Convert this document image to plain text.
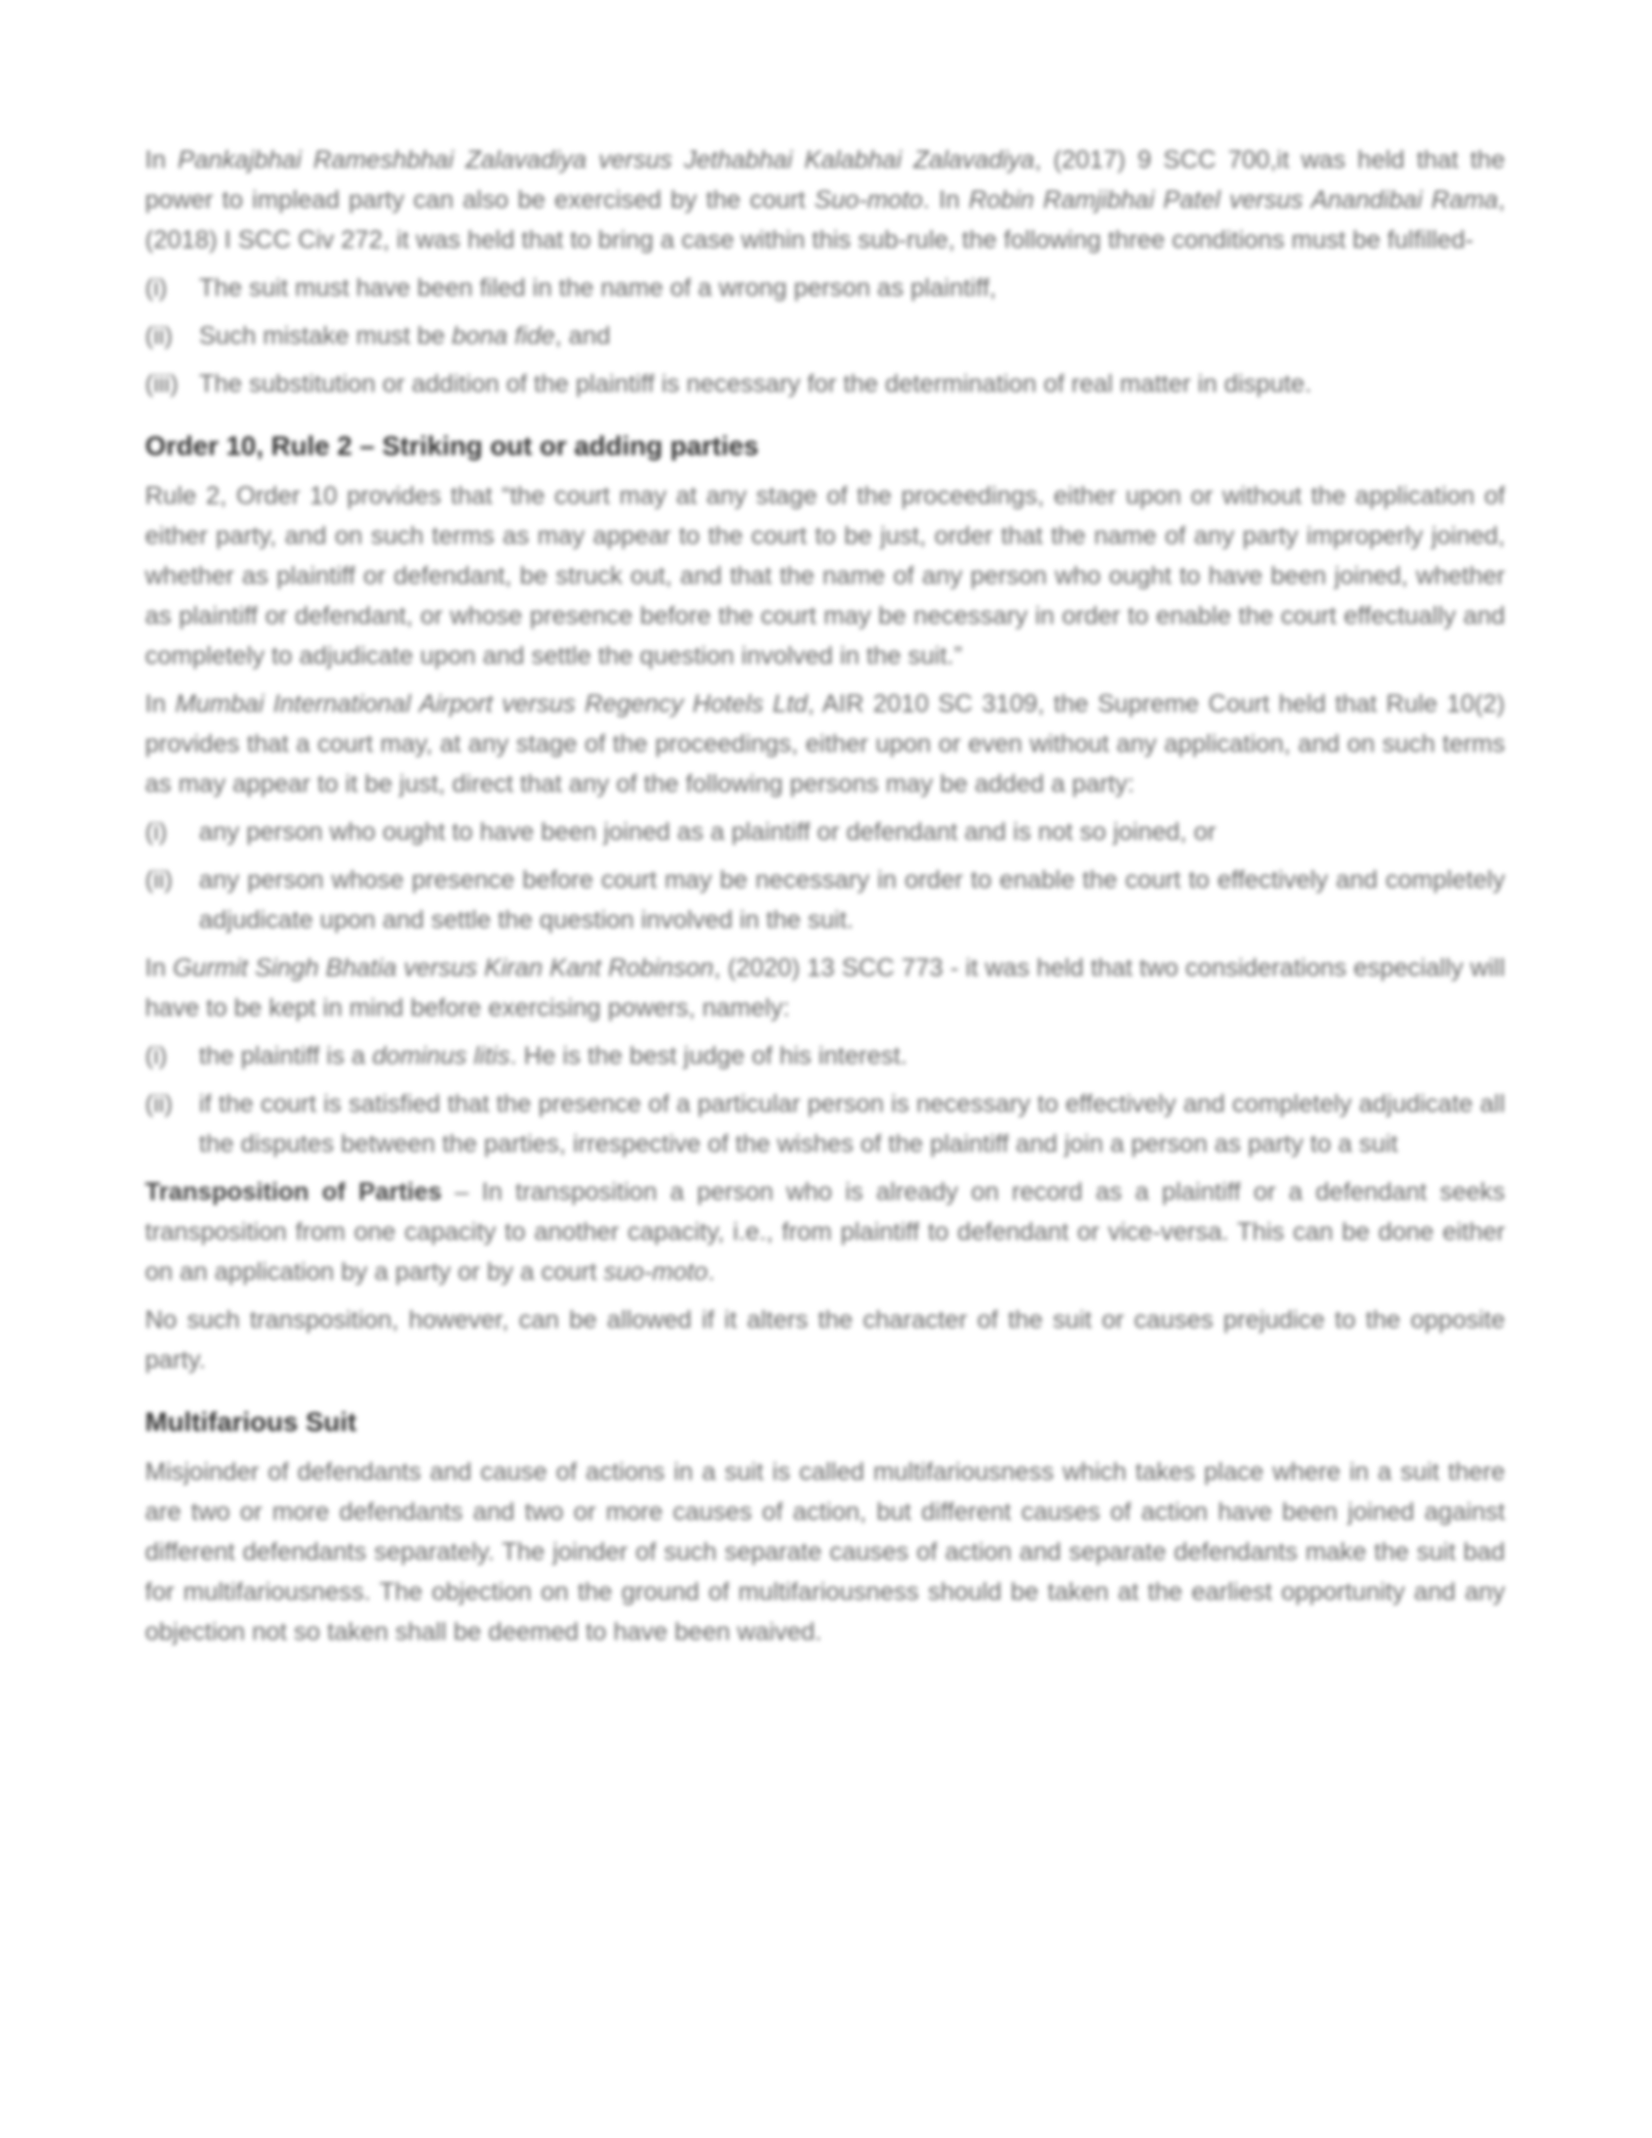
In Pankajbhai Rameshbhai Zalavadiya versus Jethabhai Kalabhai Zalavadiya, (2017) 9 SCC 700,it was held that the power to implead party can also be exercised by the court Suo-moto. In Robin Ramjibhai Patel versus Anandibai Rama, (2018) I SCC Civ 272, it was held that to bring a case within this sub-rule, the following three conditions must be fulfilled-

(i) The suit must have been filed in the name of a wrong person as plaintiff,
(ii) Such mistake must be bona fide, and
(iii) The substitution or addition of the plaintiff is necessary for the determination of real matter in dispute.
Order 10, Rule 2 – Striking out or adding parties

Rule 2, Order 10 provides that “the court may at any stage of the proceedings, either upon or without the application of either party, and on such terms as may appear to the court to be just, order that the name of any party improperly joined, whether as plaintiff or defendant, be struck out, and that the name of any person who ought to have been joined, whether as plaintiff or defendant, or whose presence before the court may be necessary in order to enable the court effectually and completely to adjudicate upon and settle the question involved in the suit.”

In Mumbai International Airport versus Regency Hotels Ltd, AIR 2010 SC 3109, the Supreme Court held that Rule 10(2) provides that a court may, at any stage of the proceedings, either upon or even without any application, and on such terms as may appear to it be just, direct that any of the following persons may be added a party:

(i) any person who ought to have been joined as a plaintiff or defendant and is not so joined, or
(ii) any person whose presence before court may be necessary in order to enable the court to effectively and completely adjudicate upon and settle the question involved in the suit.

In Gurmit Singh Bhatia versus Kiran Kant Robinson, (2020) 13 SCC 773 - it was held that two considerations especially will have to be kept in mind before exercising powers, namely:

(i) the plaintiff is a dominus litis. He is the best judge of his interest.
(ii) if the court is satisfied that the presence of a particular person is necessary to effectively and completely adjudicate all the disputes between the parties, irrespective of the wishes of the plaintiff and join a person as party to a suit

Transposition of Parties – In transposition a person who is already on record as a plaintiff or a defendant seeks transposition from one capacity to another capacity, i.e., from plaintiff to defendant or vice-versa. This can be done either on an application by a party or by a court suo-moto.

No such transposition, however, can be allowed if it alters the character of the suit or causes prejudice to the opposite party.

Multifarious Suit

Misjoinder of defendants and cause of actions in a suit is called multifariousness which takes place where in a suit there are two or more defendants and two or more causes of action, but different causes of action have been joined against different defendants separately. The joinder of such separate causes of action and separate defendants make the suit bad for multifariousness. The objection on the ground of multifariousness should be taken at the earliest opportunity and any objection not so taken shall be deemed to have been waived.
